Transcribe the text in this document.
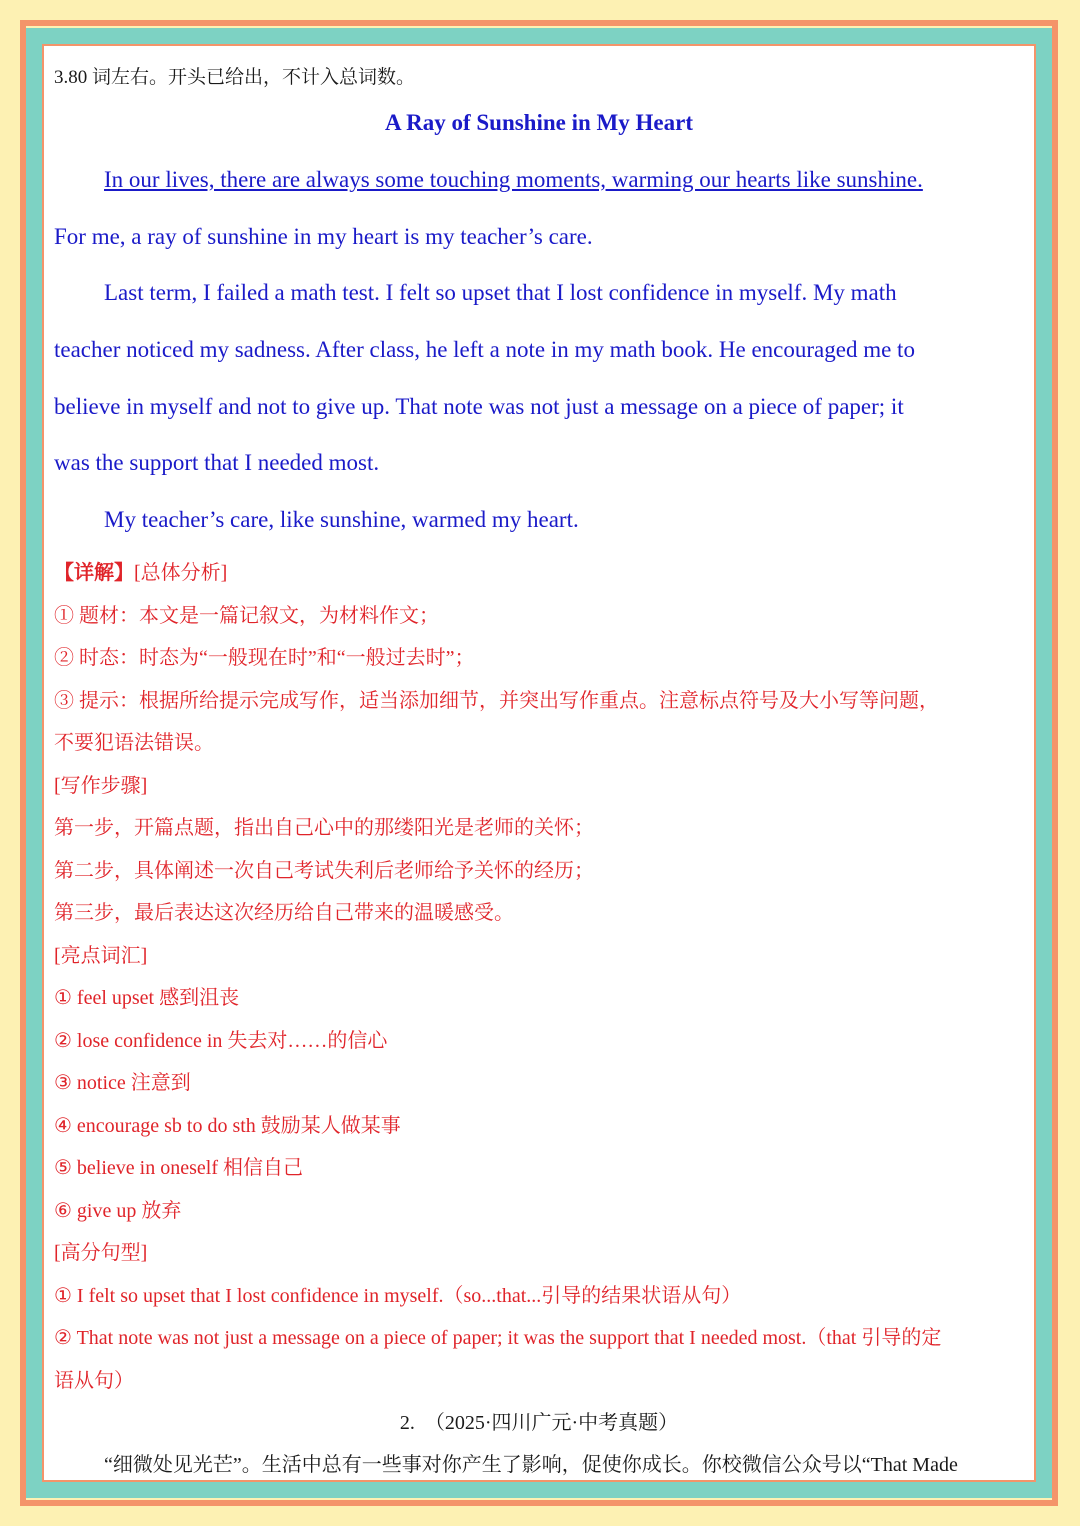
3.80 词左右。开头已给出，不计入总词数。
A Ray of Sunshine in My Heart
In our lives, there are always some touching moments, warming our hearts like sunshine.
For me, a ray of sunshine in my heart is my teacher’s care.
Last term, I failed a math test. I felt so upset that I lost confidence in myself. My math
teacher noticed my sadness. After class, he left a note in my math book. He encouraged me to
believe in myself and not to give up. That note was not just a message on a piece of paper; it
was the support that I needed most.
My teacher’s care, like sunshine, warmed my heart.
【详解】[总体分析]
① 题材：本文是一篇记叙文，为材料作文；
② 时态：时态为“一般现在时”和“一般过去时”；
③ 提示：根据所给提示完成写作，适当添加细节，并突出写作重点。注意标点符号及大小写等问题，
不要犯语法错误。
[写作步骤]
第一步，开篇点题，指出自己心中的那缕阳光是老师的关怀；
第二步，具体阐述一次自己考试失利后老师给予关怀的经历；
第三步，最后表达这次经历给自己带来的温暖感受。
[亮点词汇]
① feel upset 感到沮丧
② lose confidence in 失去对……的信心
③ notice 注意到
④ encourage sb to do sth 鼓励某人做某事
⑤ believe in oneself 相信自己
⑥ give up 放弃
[高分句型]
① I felt so upset that I lost confidence in myself.（so...that...引导的结果状语从句）
② That note was not just a message on a piece of paper; it was the support that I needed most.（that 引导的定
语从句）
2.　（2025·四川广元·中考真题）
“细微处见光芒”。生活中总有一些事对你产生了影响，促使你成长。你校微信公众号以“That Made
